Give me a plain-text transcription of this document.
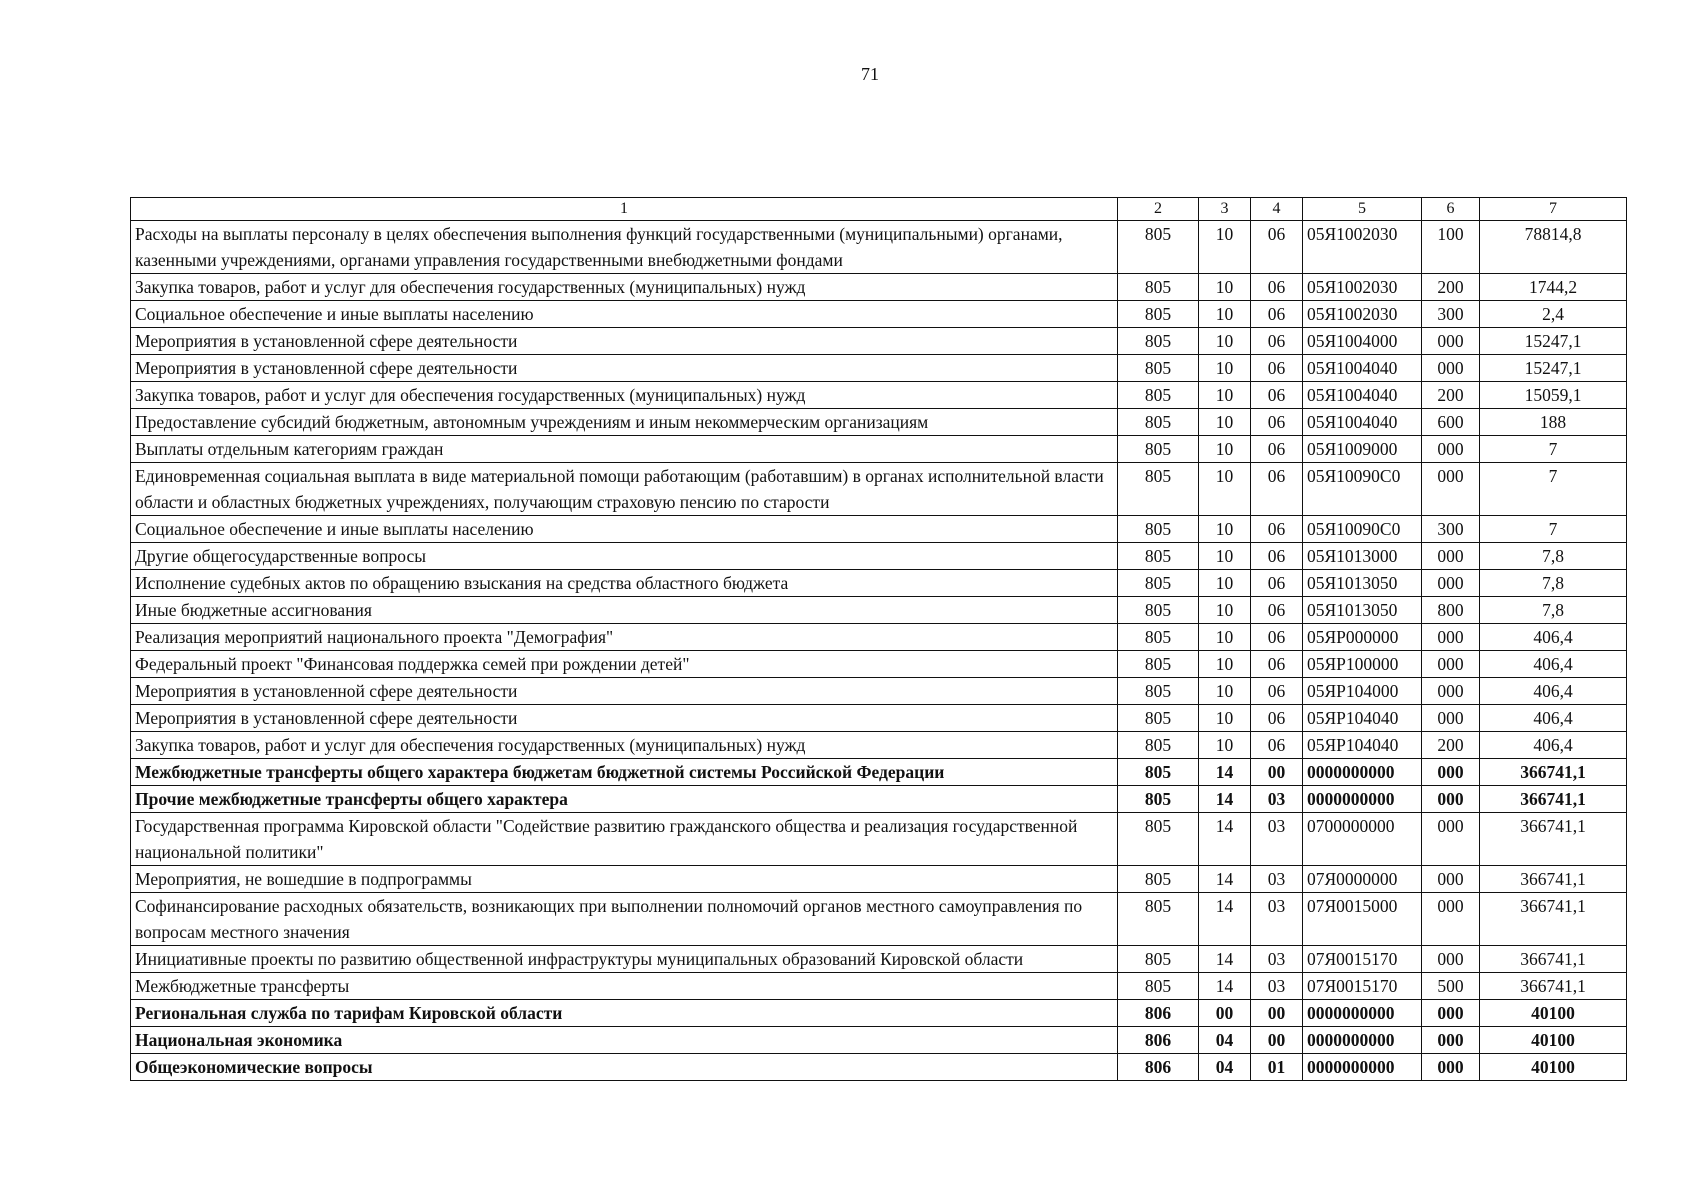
71
1	2	3	4	5	6	7
Расходы на выплаты персоналу в целях обеспечения выполнения функций государственными (муниципальными) органами, казенными учреждениями, органами управления государственными внебюджетными фондами	805	10	06	05Я1002030	100	78814,8
Закупка товаров, работ и услуг для обеспечения государственных (муниципальных) нужд	805	10	06	05Я1002030	200	1744,2
Социальное обеспечение и иные выплаты населению	805	10	06	05Я1002030	300	2,4
Мероприятия в установленной сфере деятельности	805	10	06	05Я1004000	000	15247,1
Мероприятия в установленной сфере деятельности	805	10	06	05Я1004040	000	15247,1
Закупка товаров, работ и услуг для обеспечения государственных (муниципальных) нужд	805	10	06	05Я1004040	200	15059,1
Предоставление субсидий бюджетным, автономным учреждениям и иным некоммерческим организациям	805	10	06	05Я1004040	600	188
Выплаты отдельным категориям граждан	805	10	06	05Я1009000	000	7
Единовременная социальная выплата в виде материальной помощи работающим (работавшим) в органах исполнительной власти области и областных бюджетных учреждениях, получающим страховую пенсию по старости	805	10	06	05Я10090С0	000	7
Социальное обеспечение и иные выплаты населению	805	10	06	05Я10090С0	300	7
Другие общегосударственные вопросы	805	10	06	05Я1013000	000	7,8
Исполнение судебных актов по обращению взыскания на средства областного бюджета	805	10	06	05Я1013050	000	7,8
Иные бюджетные ассигнования	805	10	06	05Я1013050	800	7,8
Реализация мероприятий национального проекта "Демография"	805	10	06	05ЯР000000	000	406,4
Федеральный проект "Финансовая поддержка семей при рождении детей"	805	10	06	05ЯР100000	000	406,4
Мероприятия в установленной сфере деятельности	805	10	06	05ЯР104000	000	406,4
Мероприятия в установленной сфере деятельности	805	10	06	05ЯР104040	000	406,4
Закупка товаров, работ и услуг для обеспечения государственных (муниципальных) нужд	805	10	06	05ЯР104040	200	406,4
Межбюджетные трансферты общего характера бюджетам бюджетной системы Российской Федерации	805	14	00	0000000000	000	366741,1
Прочие межбюджетные трансферты общего характера	805	14	03	0000000000	000	366741,1
Государственная программа Кировской области "Содействие развитию гражданского общества и реализация государственной национальной политики"	805	14	03	0700000000	000	366741,1
Мероприятия, не вошедшие в подпрограммы	805	14	03	07Я0000000	000	366741,1
Софинансирование расходных обязательств, возникающих при выполнении полномочий органов местного самоуправления по вопросам местного значения	805	14	03	07Я0015000	000	366741,1
Инициативные проекты по развитию общественной инфраструктуры муниципальных образований Кировской области	805	14	03	07Я0015170	000	366741,1
Межбюджетные трансферты	805	14	03	07Я0015170	500	366741,1
Региональная служба по тарифам Кировской области	806	00	00	0000000000	000	40100
Национальная экономика	806	04	00	0000000000	000	40100
Общеэкономические вопросы	806	04	01	0000000000	000	40100
